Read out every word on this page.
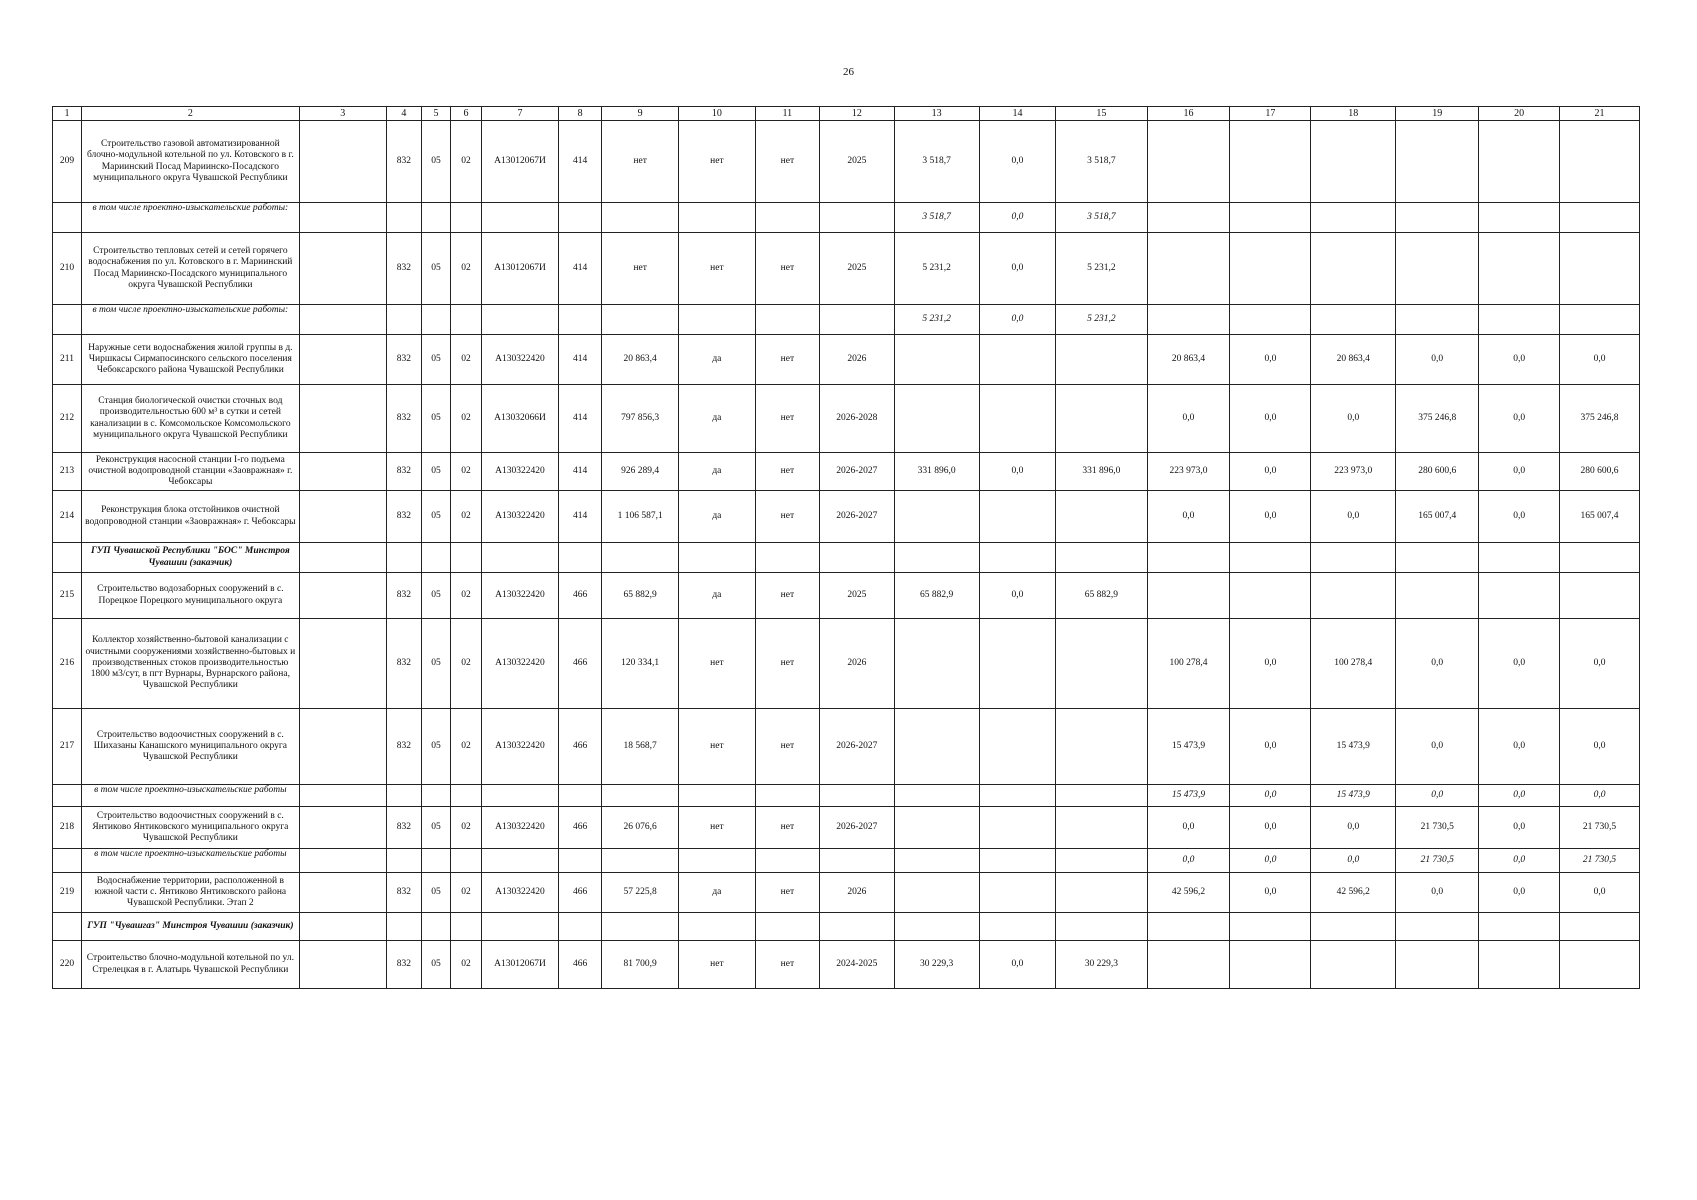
26
1	2	3	4	5	6	7	8	9	10	11	12	13	14	15	16	17	18	19	20	21
209	Строительство газовой автоматизированной блочно-модульной котельной по ул. Котовского в г. Мариинский Посад Мариинско-Посадского муниципального округа Чувашской Республики		832	05	02	A13012067И	414	нет	нет	нет	2025	3 518,7	0,0	3 518,7						
	в том числе проектно-изыскательские работы:											3 518,7	0,0	3 518,7						
210	Строительство тепловых сетей и сетей горячего водоснабжения по ул. Котовского в г. Мариинский Посад Мариинско-Посадского муниципального округа Чувашской Республики		832	05	02	A13012067И	414	нет	нет	нет	2025	5 231,2	0,0	5 231,2						
	в том числе проектно-изыскательские работы:											5 231,2	0,0	5 231,2						
211	Наружные сети водоснабжения жилой группы в д. Чиршкасы Сирмапосинского сельского поселения Чебоксарского района Чувашской Республики		832	05	02	A130322420	414	20 863,4	да	нет	2026				20 863,4	0,0	20 863,4	0,0	0,0	0,0
212	Станция биологической очистки сточных вод производительностью 600 м³ в сутки и сетей канализации в с. Комсомольское Комсомольского муниципального округа Чувашской Республики		832	05	02	A13032066И	414	797 856,3	да	нет	2026-2028				0,0	0,0	0,0	375 246,8	0,0	375 246,8
213	Реконструкция насосной станции I-го подъема очистной водопроводной станции «Заовражная» г. Чебоксары		832	05	02	A130322420	414	926 289,4	да	нет	2026-2027	331 896,0	0,0	331 896,0	223 973,0	0,0	223 973,0	280 600,6	0,0	280 600,6
214	Реконструкция блока отстойников очистной водопроводной станции «Заовражная» г. Чебоксары		832	05	02	A130322420	414	1 106 587,1	да	нет	2026-2027				0,0	0,0	0,0	165 007,4	0,0	165 007,4
	ГУП Чувашской Республики "БОС" Минстроя Чувашии (заказчик)																			
215	Строительство водозаборных сооружений в с. Порецкое Порецкого муниципального округа		832	05	02	A130322420	466	65 882,9	да	нет	2025	65 882,9	0,0	65 882,9						
216	Коллектор хозяйственно-бытовой канализации с очистными сооружениями хозяйственно-бытовых и производственных стоков производительностью 1800 м3/сут, в пгт Вурнары, Вурнарского района, Чувашской Республики		832	05	02	A130322420	466	120 334,1	нет	нет	2026				100 278,4	0,0	100 278,4	0,0	0,0	0,0
217	Строительство водоочистных сооружений в с. Шихазаны Канашского муниципального округа Чувашской Республики		832	05	02	A130322420	466	18 568,7	нет	нет	2026-2027				15 473,9	0,0	15 473,9	0,0	0,0	0,0
	в том числе проектно-изыскательские работы														15 473,9	0,0	15 473,9	0,0	0,0	0,0
218	Строительство водоочистных сооружений в с. Янтиково Янтиковского муниципального округа Чувашской Республики		832	05	02	A130322420	466	26 076,6	нет	нет	2026-2027				0,0	0,0	0,0	21 730,5	0,0	21 730,5
	в том числе проектно-изыскательские работы														0,0	0,0	0,0	21 730,5	0,0	21 730,5
219	Водоснабжение территории, расположенной в южной части с. Янтиково Янтиковского района Чувашской Республики. Этап 2		832	05	02	A130322420	466	57 225,8	да	нет	2026				42 596,2	0,0	42 596,2	0,0	0,0	0,0
	ГУП "Чувашгаз" Минстроя Чувашии (заказчик)																			
220	Строительство блочно-модульной котельной по ул. Стрелецкая в г. Алатырь Чувашской Республики		832	05	02	A13012067И	466	81 700,9	нет	нет	2024-2025	30 229,3	0,0	30 229,3						
